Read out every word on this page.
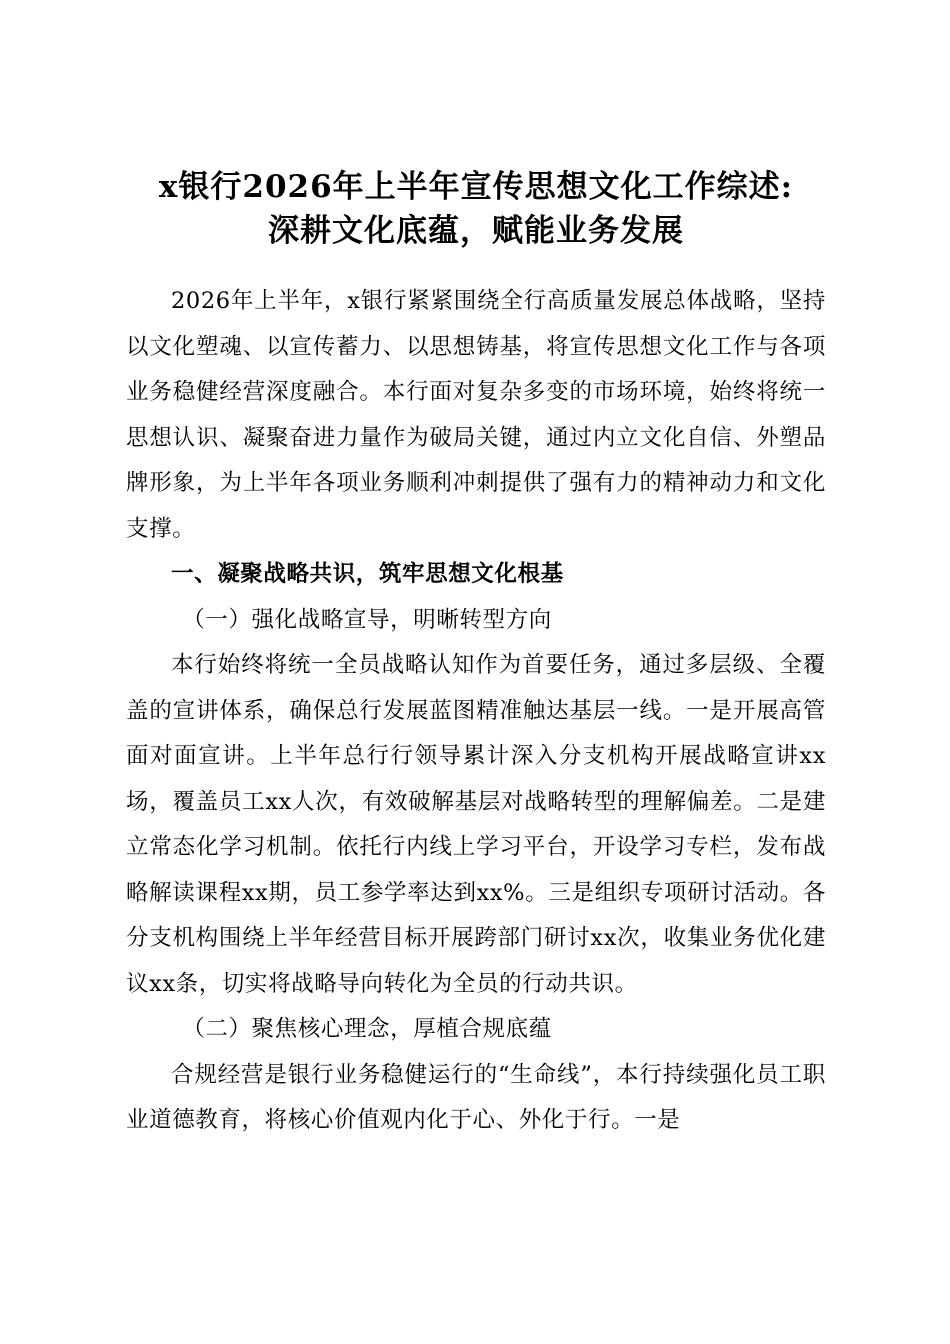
x银行2026年上半年宣传思想文化工作综述:
深耕文化底蕴，赋能业务发展

2026年上半年，x银行紧紧围绕全行高质量发展总体战略，坚持以文化塑魂、以宣传蓄力、以思想铸基，将宣传思想文化工作与各项业务稳健经营深度融合。本行面对复杂多变的市场环境，始终将统一思想认识、凝聚奋进力量作为破局关键，通过内立文化自信、外塑品牌形象，为上半年各项业务顺利冲刺提供了强有力的精神动力和文化支撑。

一、凝聚战略共识，筑牢思想文化根基

（一）强化战略宣导，明晰转型方向

本行始终将统一全员战略认知作为首要任务，通过多层级、全覆盖的宣讲体系，确保总行发展蓝图精准触达基层一线。一是开展高管面对面宣讲。上半年总行行领导累计深入分支机构开展战略宣讲xx场，覆盖员工xx人次，有效破解基层对战略转型的理解偏差。二是建立常态化学习机制。依托行内线上学习平台，开设学习专栏，发布战略解读课程xx期，员工参学率达到xx%。三是组织专项研讨活动。各分支机构围绕上半年经营目标开展跨部门研讨xx次，收集业务优化建议xx条，切实将战略导向转化为全员的行动共识。

（二）聚焦核心理念，厚植合规底蕴

合规经营是银行业务稳健运行的“生命线”，本行持续强化员工职业道德教育，将核心价值观内化于心、外化于行。一是
